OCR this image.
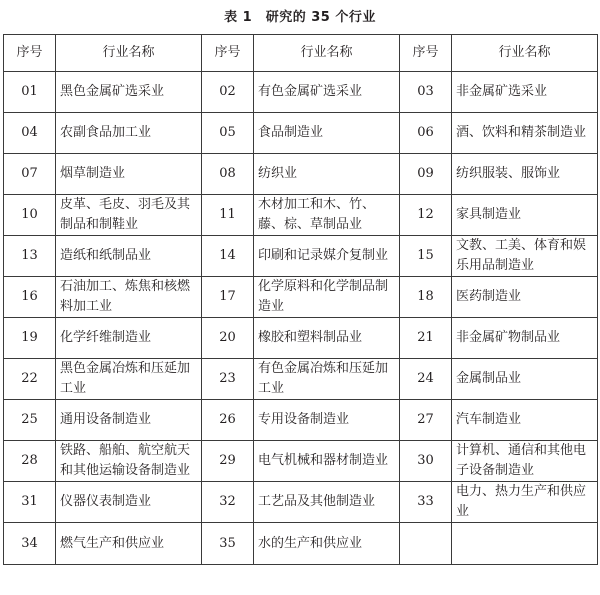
表 1　研究的 35 个行业
序号	行业名称	序号	行业名称	序号	行业名称
01	黑色金属矿选采业	02	有色金属矿选采业	03	非金属矿选采业
04	农副食品加工业	05	食品制造业	06	酒、饮料和精茶制造业
07	烟草制造业	08	纺织业	09	纺织服装、服饰业
10	皮革、毛皮、羽毛及其制品和制鞋业	11	木材加工和木、竹、藤、棕、草制品业	12	家具制造业
13	造纸和纸制品业	14	印刷和记录媒介复制业	15	文教、工美、体育和娱乐用品制造业
16	石油加工、炼焦和核燃料加工业	17	化学原料和化学制品制造业	18	医药制造业
19	化学纤维制造业	20	橡胶和塑料制品业	21	非金属矿物制品业
22	黑色金属冶炼和压延加工业	23	有色金属冶炼和压延加工业	24	金属制品业
25	通用设备制造业	26	专用设备制造业	27	汽车制造业
28	铁路、船舶、航空航天和其他运输设备制造业	29	电气机械和器材制造业	30	计算机、通信和其他电子设备制造业
31	仪器仪表制造业	32	工艺品及其他制造业	33	电力、热力生产和供应业
34	燃气生产和供应业	35	水的生产和供应业		
